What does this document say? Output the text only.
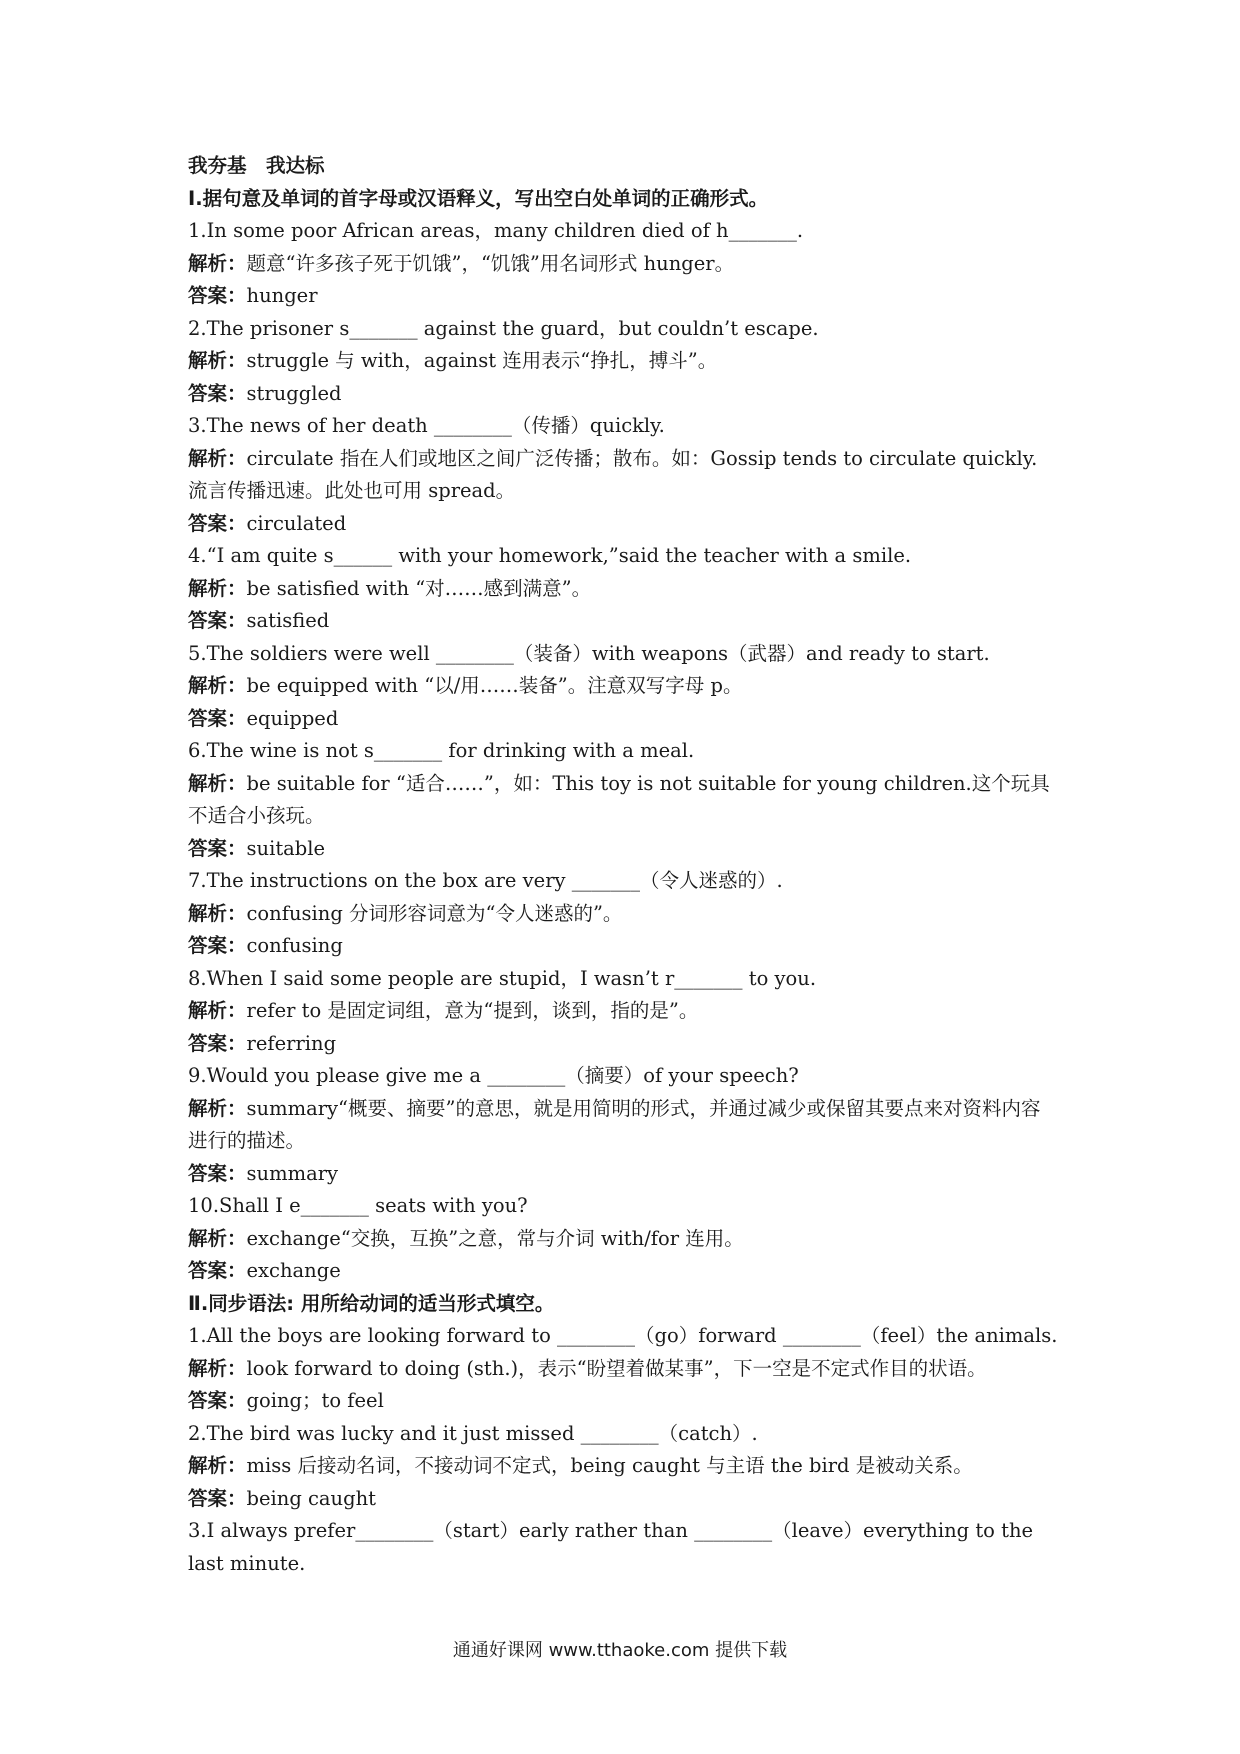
我夯基　我达标

Ⅰ.据句意及单词的首字母或汉语释义，写出空白处单词的正确形式。

1.In some poor African areas，many children died of h_______.

解析：题意“许多孩子死于饥饿”，“饥饿”用名词形式 hunger。

答案：hunger

2.The prisoner s_______ against the guard，but couldn’t escape.

解析：struggle 与 with，against 连用表示“挣扎，搏斗”。

答案：struggled

3.The news of her death ________（传播）quickly.

解析：circulate 指在人们或地区之间广泛传播；散布。如：Gossip tends to circulate quickly. 流言传播迅速。此处也可用 spread。

答案：circulated

4.“I am quite s______ with your homework,”said the teacher with a smile.

解析：be satisfied with “对……感到满意”。

答案：satisfied

5.The soldiers were well ________（装备）with weapons（武器）and ready to start.

解析：be equipped with “以/用……装备”。注意双写字母 p。

答案：equipped

6.The wine is not s_______ for drinking with a meal.

解析：be suitable for “适合……”，如：This toy is not suitable for young children.这个玩具不适合小孩玩。

答案：suitable

7.The instructions on the box are very _______（令人迷惑的）.

解析：confusing 分词形容词意为“令人迷惑的”。

答案：confusing

8.When I said some people are stupid，I wasn’t r_______ to you.

解析：refer to 是固定词组，意为“提到，谈到，指的是”。

答案：referring

9.Would you please give me a ________（摘要）of your speech?

解析：summary“概要、摘要”的意思，就是用简明的形式，并通过减少或保留其要点来对资料内容进行的描述。

答案：summary

10.Shall I e_______ seats with you?

解析：exchange“交换，互换”之意，常与介词 with/for 连用。

答案：exchange

Ⅱ.同步语法: 用所给动词的适当形式填空。

1.All the boys are looking forward to ________（go）forward ________（feel）the animals.

解析：look forward to doing (sth.)，表示“盼望着做某事”，下一空是不定式作目的状语。

答案：going；to feel

2.The bird was lucky and it just missed ________（catch）.

解析：miss 后接动名词，不接动词不定式，being caught 与主语 the bird 是被动关系。

答案：being caught

3.I always prefer________（start）early rather than ________（leave）everything to the last minute.

通通好课网 www.tthaoke.com 提供下载
